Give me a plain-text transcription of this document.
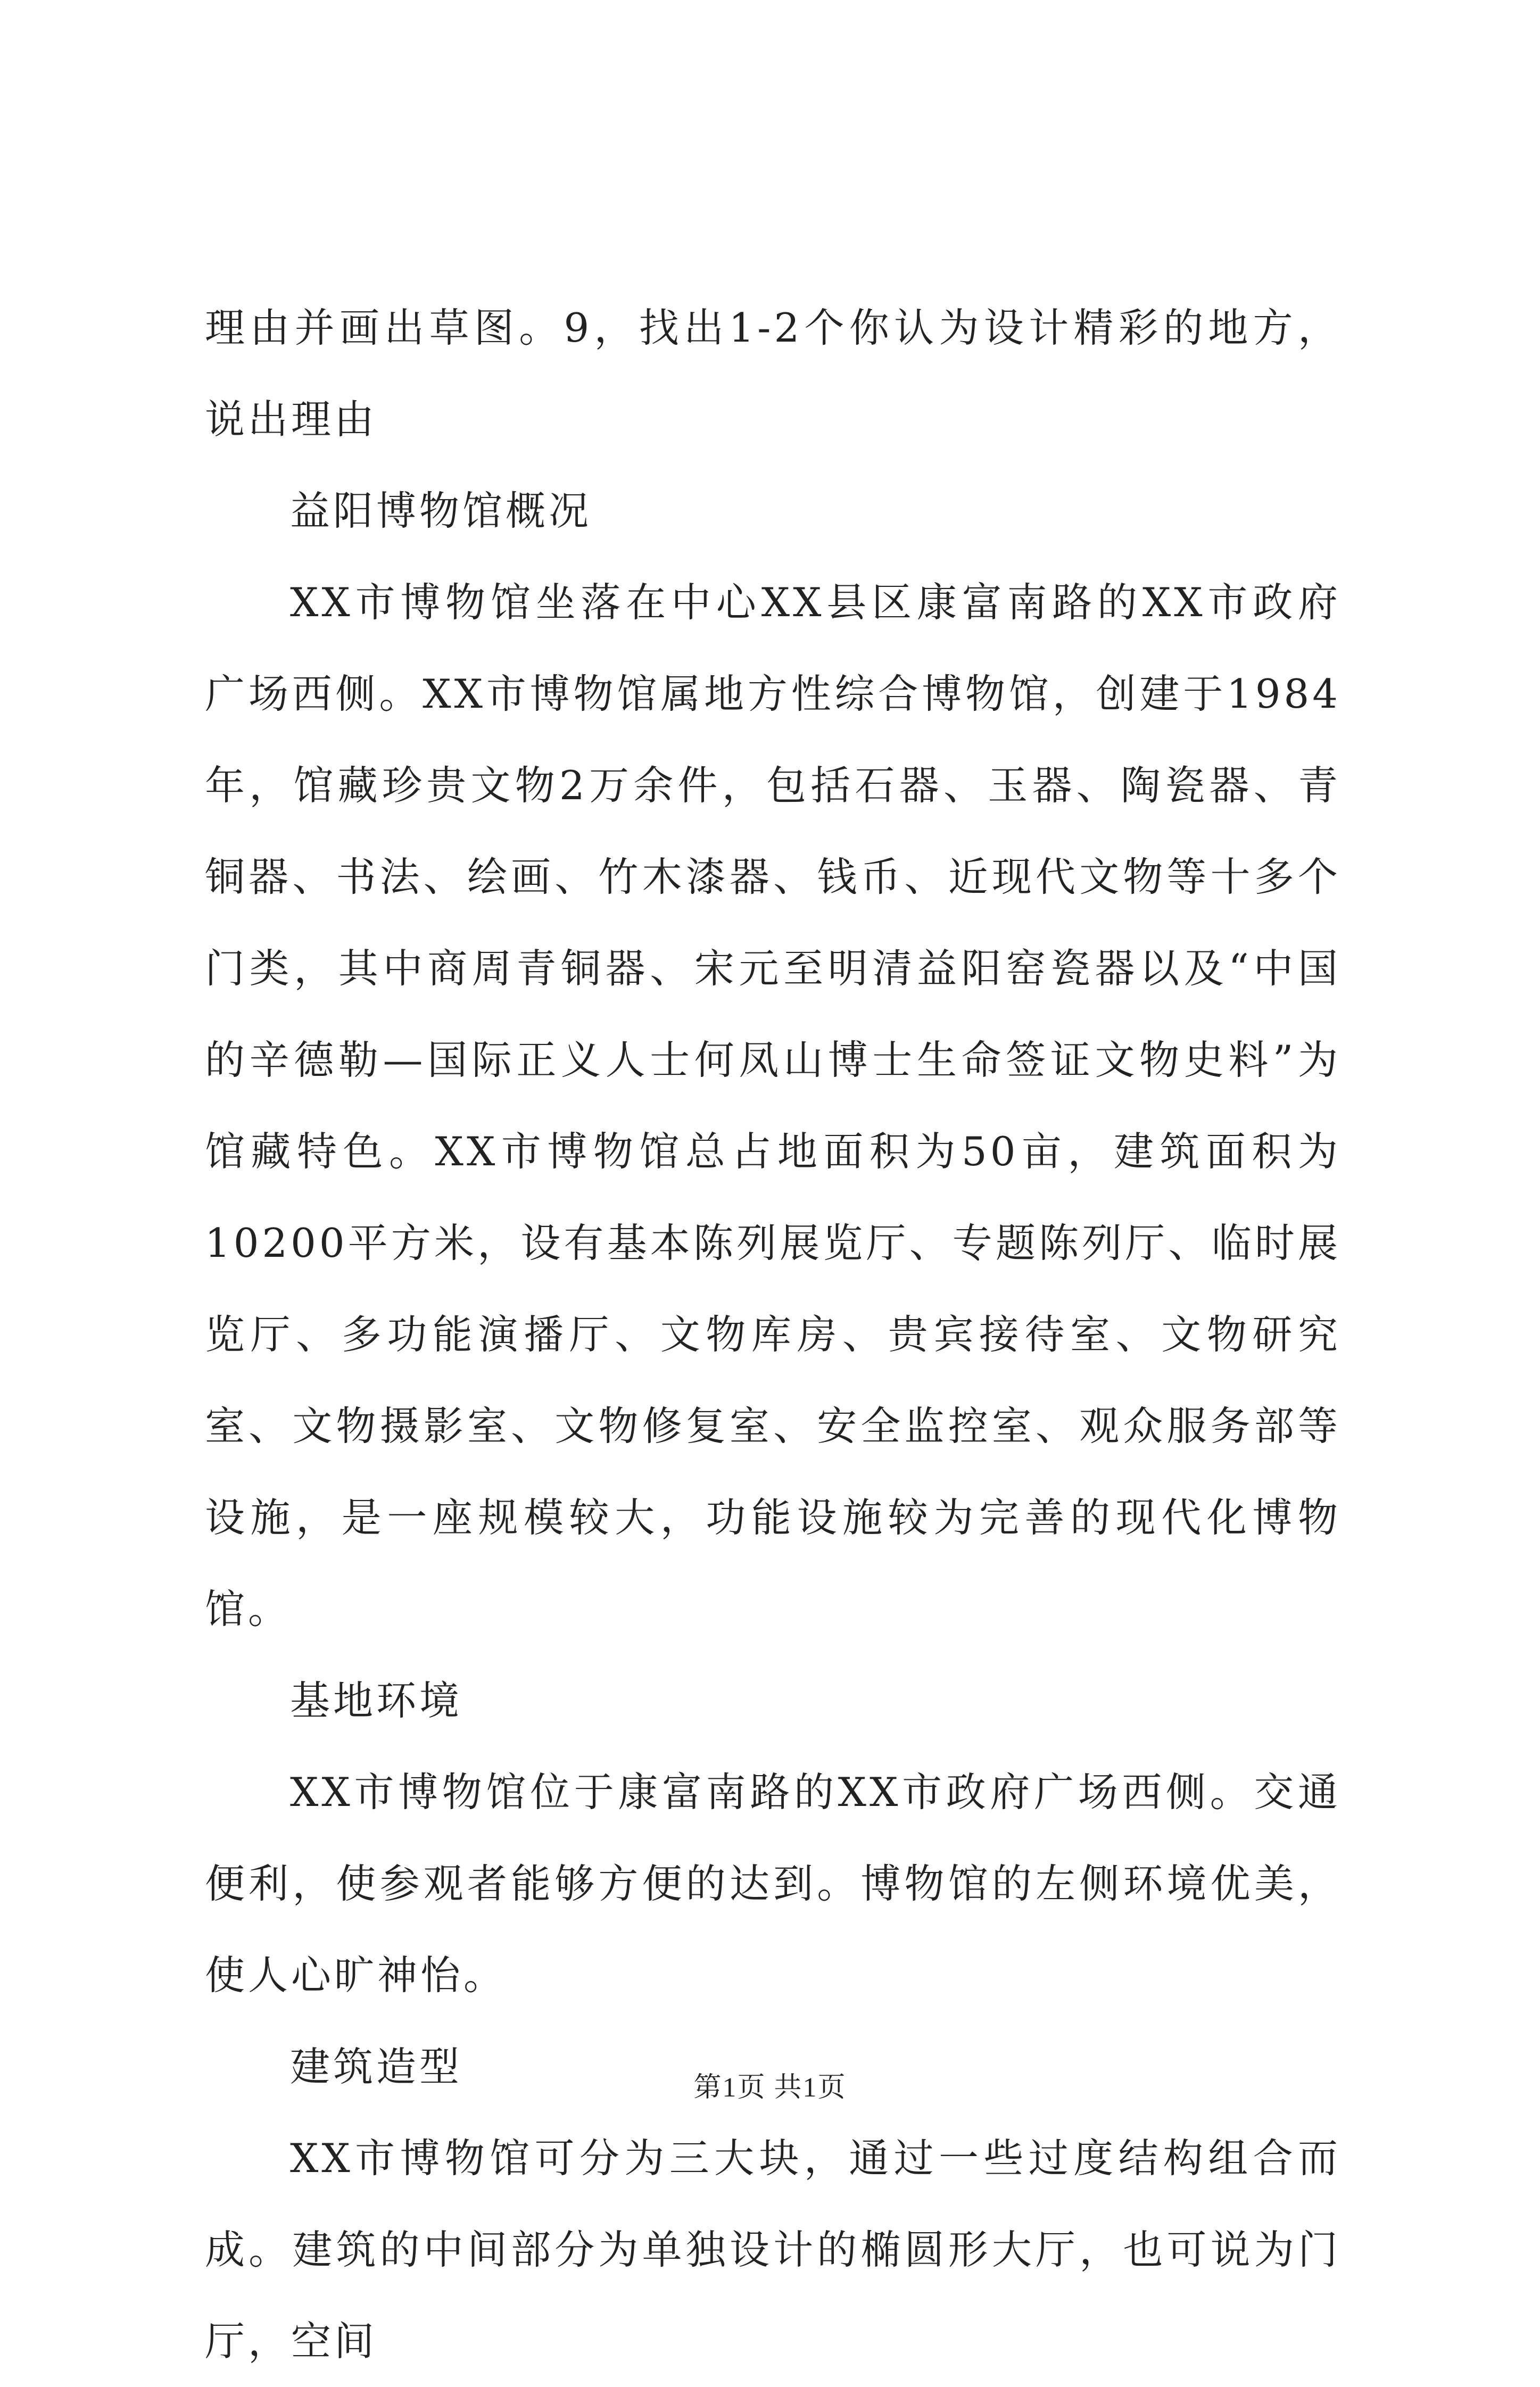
理由并画出草图。9，找出1-2个你认为设计精彩的地方，说出理由

益阳博物馆概况

XX市博物馆坐落在中心XX县区康富南路的XX市政府广场西侧。XX市博物馆属地方性综合博物馆，创建于1984年，馆藏珍贵文物2万余件，包括石器、玉器、陶瓷器、青铜器、书法、绘画、竹木漆器、钱币、近现代文物等十多个门类，其中商周青铜器、宋元至明清益阳窑瓷器以及“中国的辛德勒—国际正义人士何凤山博士生命签证文物史料”为馆藏特色。XX市博物馆总占地面积为50亩，建筑面积为10200平方米，设有基本陈列展览厅、专题陈列厅、临时展览厅、多功能演播厅、文物库房、贵宾接待室、文物研究室、文物摄影室、文物修复室、安全监控室、观众服务部等设施，是一座规模较大，功能设施较为完善的现代化博物馆。

基地环境

XX市博物馆位于康富南路的XX市政府广场西侧。交通便利，使参观者能够方便的达到。博物馆的左侧环境优美，使人心旷神怡。

建筑造型

XX市博物馆可分为三大块，通过一些过度结构组合而成。建筑的中间部分为单独设计的椭圆形大厅，也可说为门厅，空间

第1页 共1页
